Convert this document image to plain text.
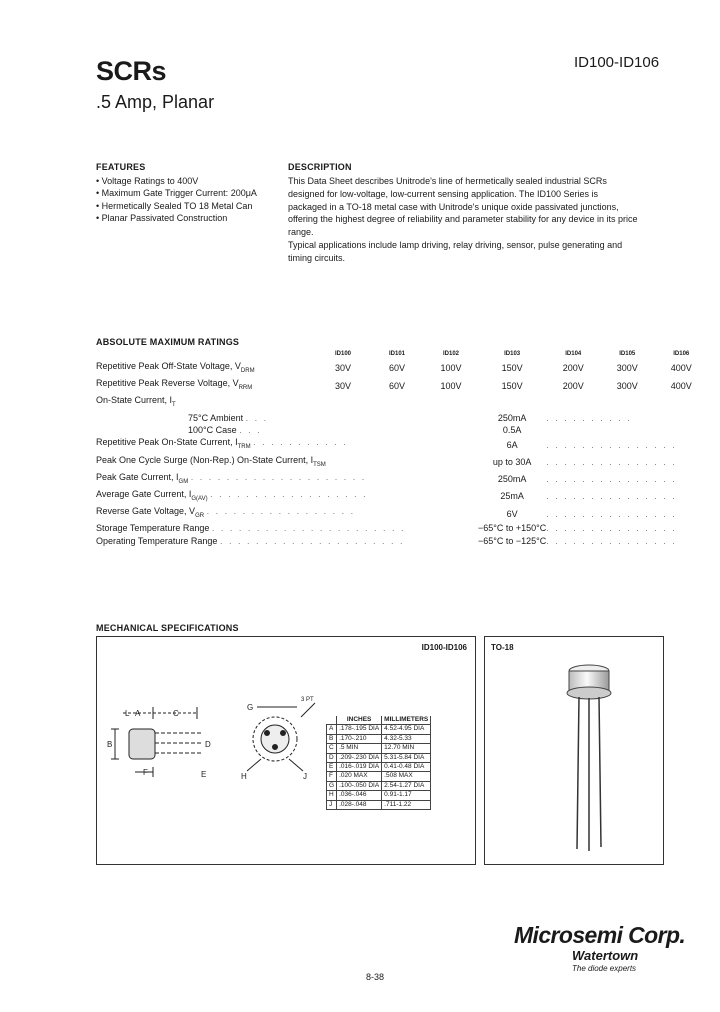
SCRs
.5 Amp, Planar
ID100-ID106
FEATURES
• Voltage Ratings to 400V
• Maximum Gate Trigger Current: 200μA
• Hermetically Sealed TO 18 Metal Can
• Planar Passivated Construction
DESCRIPTION

This Data Sheet describes Unitrode's line of hermetically sealed industrial SCRs designed for low-voltage, low-current sensing application. The ID100 Series is packaged in a TO-18 metal case with Unitrode's unique oxide passivated junctions, offering the highest degree of reliability and parameter stability for any device in its price range.

Typical applications include lamp driving, relay driving, sensor, pulse generating and timing circuits.

ABSOLUTE MAXIMUM RATINGS
	ID100	ID101	ID102	ID103	ID104	ID105	ID106
Repetitive Peak Off-State Voltage, $V_{DRM}$	30V	60V	100V	150V	200V	300V	400V
Repetitive Peak Reverse Voltage, $V_{RRM}$	30V	60V	100V	150V	200V	300V	400V
On-State Current, $I_T$
75°C Ambient . . .				250mA	. . . . . . . . . .		
100°C Case . . .				0.5A			
Repetitive Peak On-State Current, $I_{TRM}$ . . . . . . . . . . .				6A	. . . . . . . . . . . . . . .		
Peak One Cycle Surge (Non-Rep.) On-State Current, $I_{TSM}$				up to 30A	. . . . . . . . . . . . . . .		
Peak Gate Current, $I_{GM}$ . . . . . . . . . . . . . . . . . . . .				250mA	. . . . . . . . . . . . . . .		
Average Gate Current, $I_{G(AV)}$ . . . . . . . . . . . . . . . . . .				25mA	. . . . . . . . . . . . . . .		
Reverse Gate Voltage, $V_{GR}$ . . . . . . . . . . . . . . . . .				6V	. . . . . . . . . . . . . . .		
Storage Temperature Range . . . . . . . . . . . . . . . . . . . . . .				−65°C to +150°C	. . . . . . . . . . . . . . .		
Operating Temperature Range . . . . . . . . . . . . . . . . . . . . .				−65°C to −125°C	. . . . . . . . . . . . . . .		
MECHANICAL SPECIFICATIONS
ID100-ID106
L A	C
B	D
F	E
G
H	J
3 PT
	INCHES	MILLIMETERS
A	.178-.195 DIA	4.52-4.95 DIA
B	.170-.210	4.32-5.33
C	.5 MIN	12.70 MIN
D	.209-.230 DIA	5.31-5.84 DIA
E	.016-.019 DIA	0.41-0.48 DIA
F	.020 MAX	.508 MAX
G	.100-.050 DIA	2.54-1.27 DIA
H	.036-.046	0.91-1.17
J	.028-.048	.711-1.22
TO-18
Microsemi Corp.
Watertown
The diode experts
8-38
